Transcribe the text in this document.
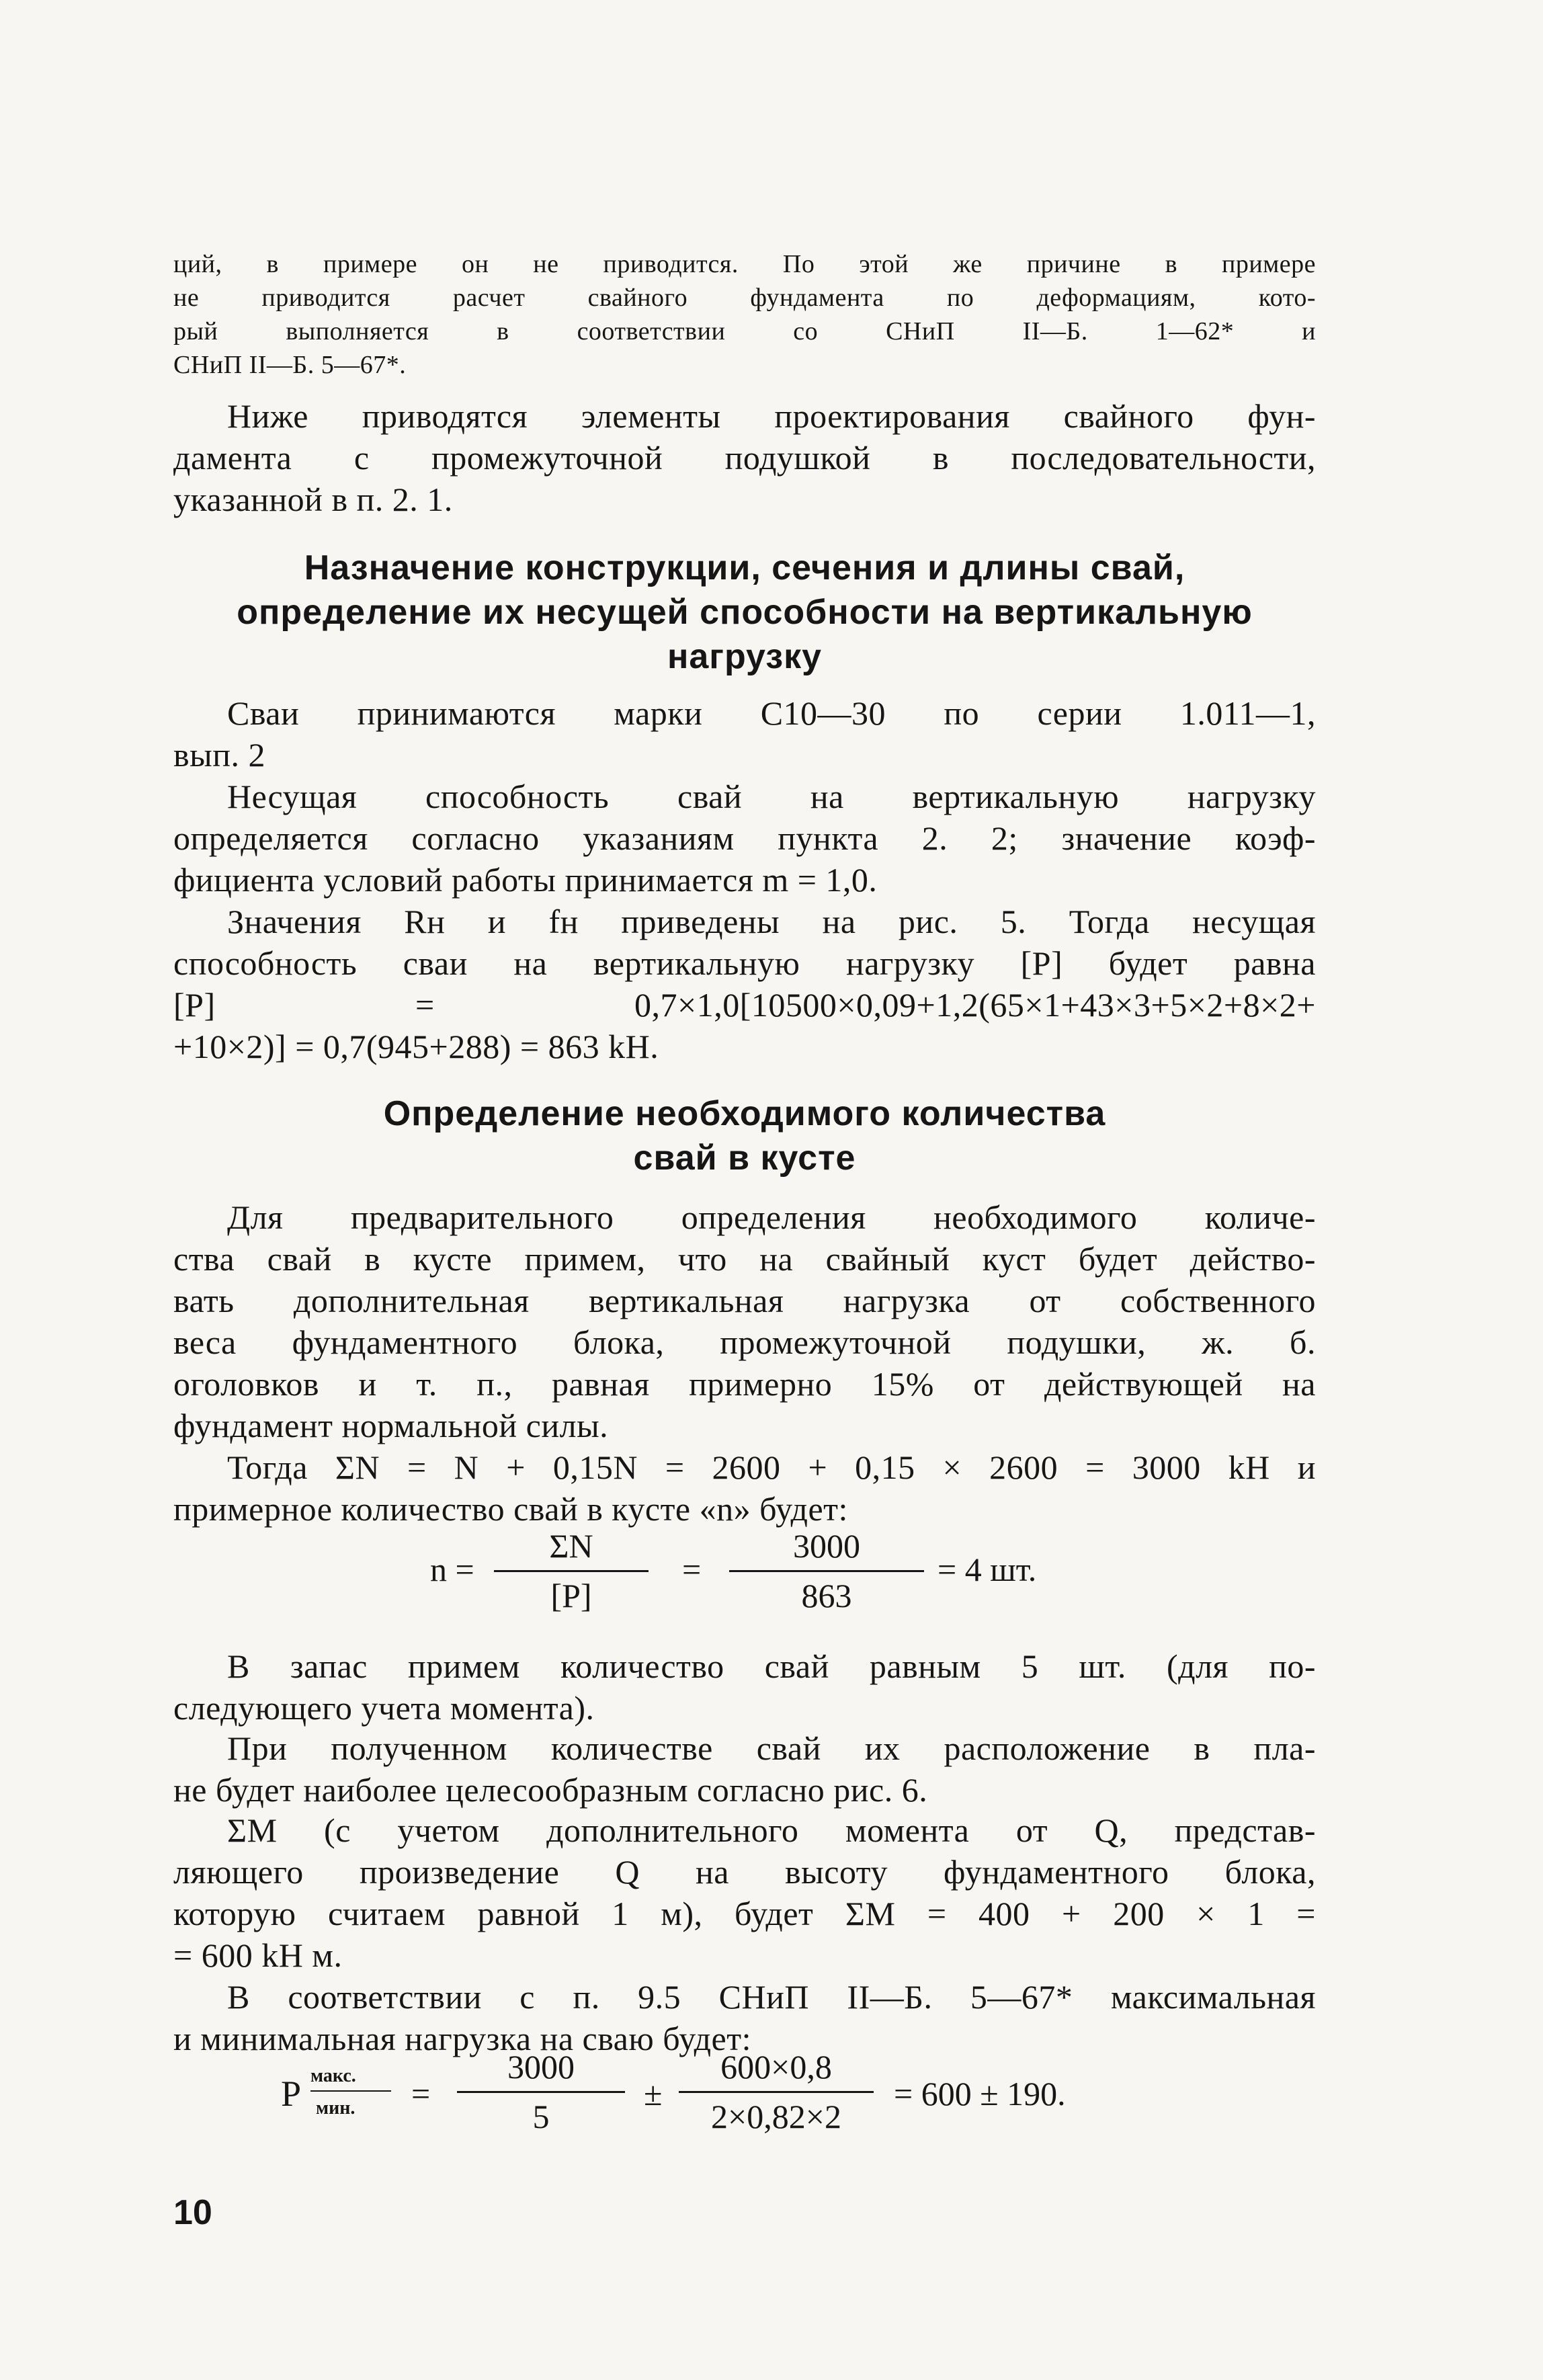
ций, в примере он не приводится. По этой же причине в примере

не приводится расчет свайного фундамента по деформациям, кото-

рый выполняется в соответствии со СНиП II—Б. 1—62* и

СНиП II—Б. 5—67*.

Ниже приводятся элементы проектирования свайного фун-

дамента с промежуточной подушкой в последовательности,

указанной в п. 2. 1.

Назначение конструкции, сечения и длины свай,
определение их несущей способности на вертикальную
нагрузку

Сваи принимаются марки С10—30 по серии 1.011—1,

вып. 2

Несущая способность свай на вертикальную нагрузку

определяется согласно указаниям пункта 2. 2; значение коэф-

фициента условий работы принимается m = 1,0.

Значения Rн и fн приведены на рис. 5. Тогда несущая

способность сваи на вертикальную нагрузку [P] будет равна

[P] = 0,7×1,0[10500×0,09+1,2(65×1+43×3+5×2+8×2+

+10×2)] = 0,7(945+288) = 863 kH.

Определение необходимого количества
свай в кусте

Для предварительного определения необходимого количе-

ства свай в кусте примем, что на свайный куст будет действо-

вать дополнительная вертикальная нагрузка от собственного

веса фундаментного блока, промежуточной подушки, ж. б.

оголовков и т. п., равная примерно 15% от действующей на

фундамент нормальной силы.

Тогда ΣN = N + 0,15N = 2600 + 0,15 × 2600 = 3000 kH и

примерное количество свай в кусте «n» будет:

n =
ΣN
[P]
=
3000
863
= 4 шт.

В запас примем количество свай равным 5 шт. (для по-

следующего учета момента).

При полученном количестве свай их расположение в пла-

не будет наиболее целесообразным согласно рис. 6.

ΣM (с учетом дополнительного момента от Q, представ-

ляющего произведение Q на высоту фундаментного блока,

которую считаем равной 1 м), будет ΣM = 400 + 200 × 1 =

= 600 kH м.

В соответствии с п. 9.5 СНиП II—Б. 5—67* максимальная

и минимальная нагрузка на сваю будет:

P макс.
мин. =
3000
5
±
600×0,8
2×0,82×2
= 600 ± 190.
10
